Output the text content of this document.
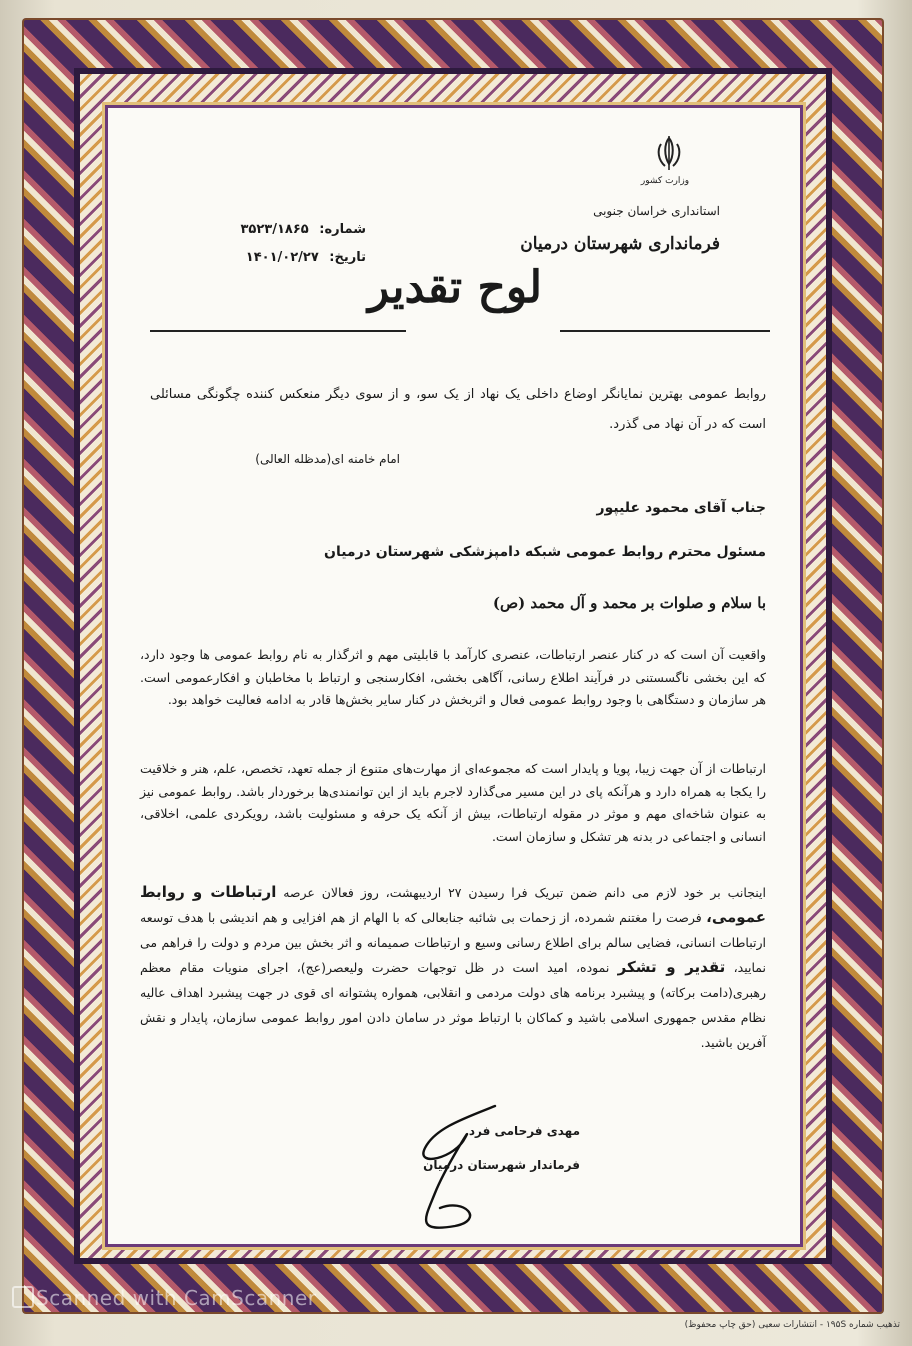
وزارت کشور
استانداری خراسان جنوبی
فرمانداری شهرستان درمیان
شماره: ۳۵۲۳/۱۸۶۵
تاریخ: ۱۴۰۱/۰۲/۲۷
لوح تقدیر
روابط عمومی بهترین نمایانگر اوضاع داخلی یک نهاد از یک سو، و از سوی دیگر منعکس کننده چگونگی مسائلی است که در آن نهاد می گذرد.
امام خامنه ای(مدظله العالی)
جناب آقای محمود علیپور
مسئول محترم روابط عمومی شبکه دامپزشکی شهرستان درمیان
با سلام و صلوات بر محمد و آل محمد (ص)
واقعیت آن است که در کنار عنصر ارتباطات، عنصری کارآمد با قابلیتی مهم و اثرگذار به نام روابط عمومی ها وجود دارد، که این بخشی ناگسستنی در فرآیند اطلاع رسانی، آگاهی بخشی، افکارسنجی و ارتباط با مخاطبان و افکارعمومی است. هر سازمان و دستگاهی با وجود روابط عمومی فعال و اثربخش در کنار سایر بخش‌ها قادر به ادامه فعالیت خواهد بود.
ارتباطات از آن جهت زیبا، پویا و پایدار است که مجموعه‌ای از مهارت‌های متنوع از جمله تعهد، تخصص، علم، هنر و خلاقیت را یکجا به همراه دارد و هرآنکه پای در این مسیر می‌گذارد لاجرم باید از این توانمندی‌ها برخوردار باشد. روابط عمومی نیز به عنوان شاخه‌ای مهم و موثر در مقوله ارتباطات، بیش از آنکه یک حرفه و مسئولیت باشد، رویکردی علمی، اخلاقی، انسانی و اجتماعی در بدنه هر تشکل و سازمان است.
اینجانب بر خود لازم می دانم ضمن تبریک فرا رسیدن ۲۷ اردیبهشت، روز فعالان عرصه ارتباطات و روابط عمومی، فرصت را مغتنم شمرده، از زحمات بی شائبه جنابعالی که با الهام از هم افزایی و هم اندیشی با هدف توسعه ارتباطات انسانی، فضایی سالم برای اطلاع رسانی وسیع و ارتباطات صمیمانه و اثر بخش بین مردم و دولت را فراهم می نمایید، تقدیر و تشکر نموده، امید است در ظل توجهات حضرت ولیعصر(عج)، اجرای منویات مقام معظم رهبری(دامت برکاته) و پیشبرد برنامه های دولت مردمی و انقلابی، همواره پشتوانه ای قوی در جهت پیشبرد اهداف عالیه نظام مقدس جمهوری اسلامی باشید و کماکان با ارتباط موثر در سامان دادن امور روابط عمومی سازمان، پایدار و نقش آفرین باشید.
مهدی فرحامی فرد
فرماندار شهرستان درمیان
Scanned with CamScanner
تذهیب شماره ۱۹۵S - انتشارات سعیی (حق چاپ محفوظ)
